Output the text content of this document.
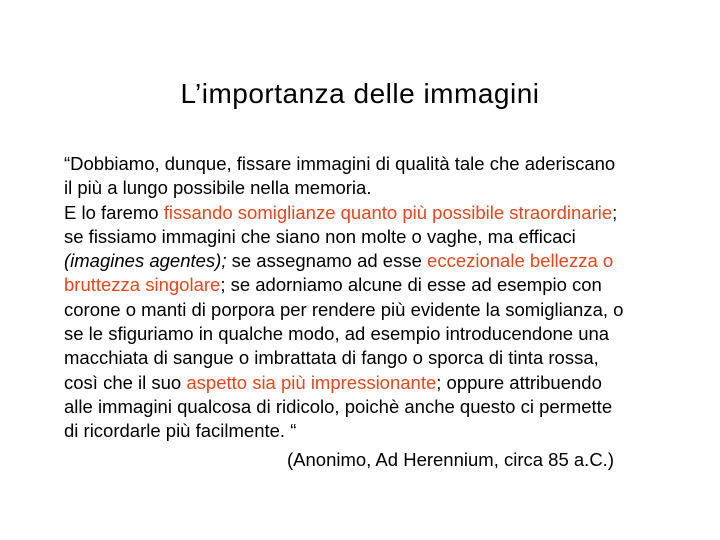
L’importanza delle immagini
“Dobbiamo, dunque, fissare immagini di qualità tale che aderiscano
il più a lungo possibile nella memoria.
E lo faremo fissando somiglianze quanto più possibile straordinarie;
se fissiamo immagini che siano non molte o vaghe, ma efficaci
(imagines agentes); se assegnamo ad esse eccezionale bellezza o
bruttezza singolare; se adorniamo alcune di esse ad esempio con
corone o manti di porpora per rendere più evidente la somiglianza, o
se le sfiguriamo in qualche modo, ad esempio introducendone una
macchiata di sangue o imbrattata di fango o sporca di tinta rossa,
così che il suo aspetto sia più impressionante; oppure attribuendo
alle immagini qualcosa di ridicolo, poichè anche questo ci permette
di ricordarle più facilmente. “
(Anonimo, Ad Herennium, circa 85 a.C.)
